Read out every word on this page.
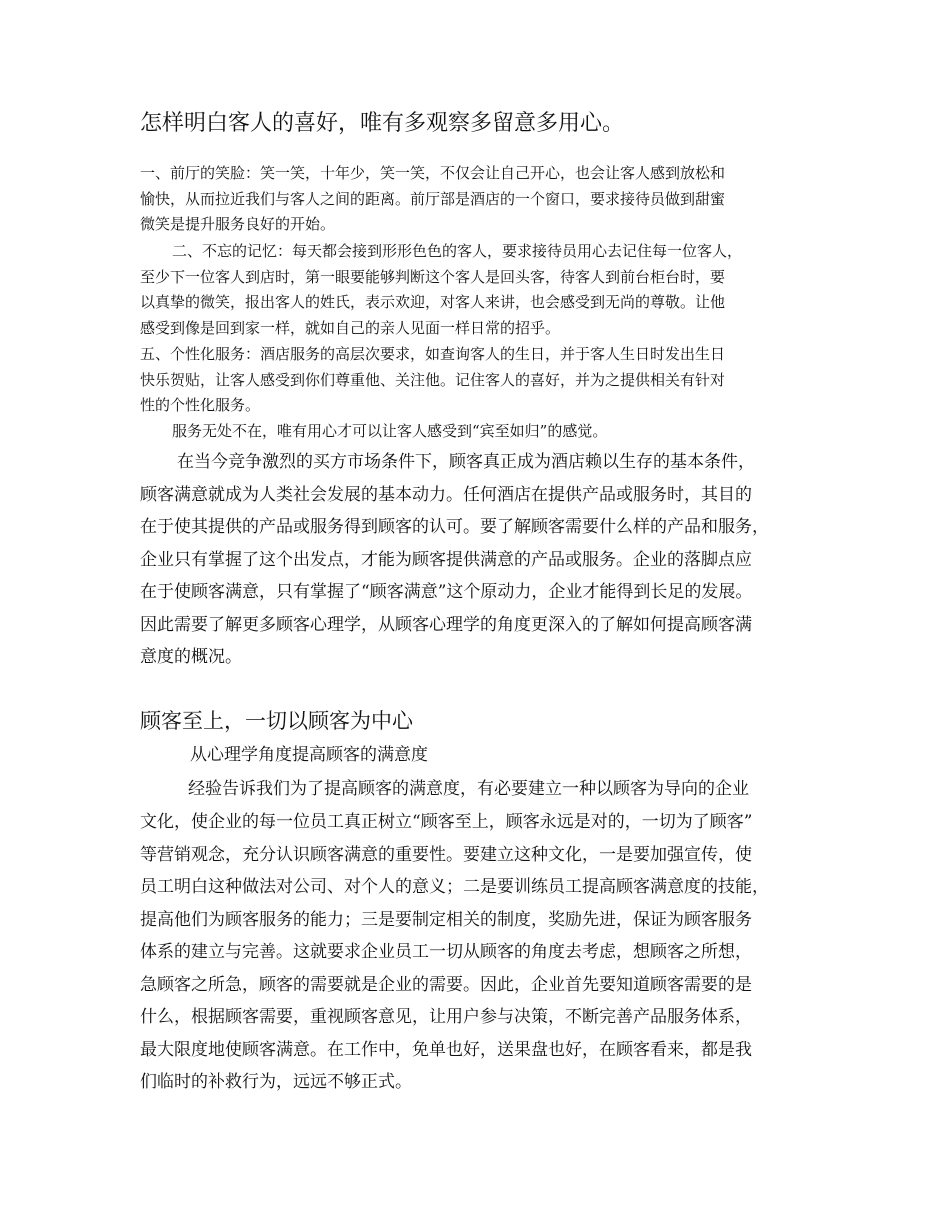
怎样明白客人的喜好，唯有多观察多留意多用心。
一、前厅的笑脸：笑一笑，十年少，笑一笑，不仅会让自己开心，也会让客人感到放松和
愉快，从而拉近我们与客人之间的距离。前厅部是酒店的一个窗口，要求接待员做到甜蜜
微笑是提升服务良好的开始。
二、不忘的记忆：每天都会接到形形色色的客人，要求接待员用心去记住每一位客人，
至少下一位客人到店时，第一眼要能够判断这个客人是回头客，待客人到前台柜台时，要
以真挚的微笑，报出客人的姓氏，表示欢迎，对客人来讲，也会感受到无尚的尊敬。让他
感受到像是回到家一样，就如自己的亲人见面一样日常的招乎。
五、个性化服务：酒店服务的高层次要求，如查询客人的生日，并于客人生日时发出生日
快乐贺贴，让客人感受到你们尊重他、关注他。记住客人的喜好，并为之提供相关有针对
性的个性化服务。
服务无处不在，唯有用心才可以让客人感受到“宾至如归”的感觉。
在当今竞争激烈的买方市场条件下，顾客真正成为酒店赖以生存的基本条件，
顾客满意就成为人类社会发展的基本动力。任何酒店在提供产品或服务时，其目的
在于使其提供的产品或服务得到顾客的认可。要了解顾客需要什么样的产品和服务，
企业只有掌握了这个出发点，才能为顾客提供满意的产品或服务。企业的落脚点应
在于使顾客满意，只有掌握了“顾客满意”这个原动力，企业才能得到长足的发展。
因此需要了解更多顾客心理学，从顾客心理学的角度更深入的了解如何提高顾客满
意度的概况。
顾客至上，一切以顾客为中心
从心理学角度提高顾客的满意度
经验告诉我们为了提高顾客的满意度，有必要建立一种以顾客为导向的企业
文化，使企业的每一位员工真正树立“顾客至上，顾客永远是对的，一切为了顾客”
等营销观念，充分认识顾客满意的重要性。要建立这种文化，一是要加强宣传，使
员工明白这种做法对公司、对个人的意义；二是要训练员工提高顾客满意度的技能，
提高他们为顾客服务的能力；三是要制定相关的制度，奖励先进，保证为顾客服务
体系的建立与完善。这就要求企业员工一切从顾客的角度去考虑，想顾客之所想，
急顾客之所急，顾客的需要就是企业的需要。因此，企业首先要知道顾客需要的是
什么，根据顾客需要，重视顾客意见，让用户参与决策，不断完善产品服务体系，
最大限度地使顾客满意。在工作中，免单也好，送果盘也好，在顾客看来，都是我
们临时的补救行为，远远不够正式。
